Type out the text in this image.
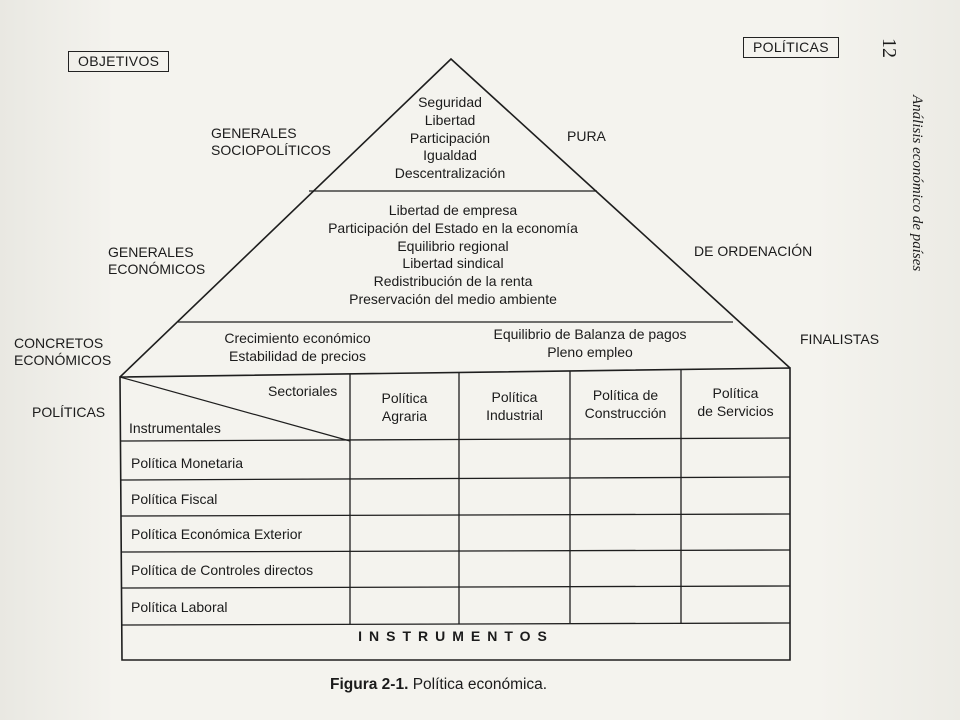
OBJETIVOS
POLÍTICAS	12
Análisis económico de países
GENERALES
SOCIOPOLÍTICOS
GENERALES
ECONÓMICOS
CONCRETOS
ECONÓMICOS
POLÍTICAS
PURA
DE ORDENACIÓN
FINALISTAS
Seguridad
Libertad
Participación
Igualdad
Descentralización
Libertad de empresa
Participación del Estado en la economía
Equilibrio regional
Libertad sindical
Redistribución de la renta
Preservación del medio ambiente
Crecimiento económico
Estabilidad de precios
Equilibrio de Balanza de pagos
Pleno empleo
Sectoriales
Instrumentales
Política
Agraria
Política
Industrial
Política de
Construcción
Política
de Servicios
Política Monetaria
Política Fiscal
Política Económica Exterior
Política de Controles directos
Política Laboral
INSTRUMENTOS
Figura 2-1. Política económica.
